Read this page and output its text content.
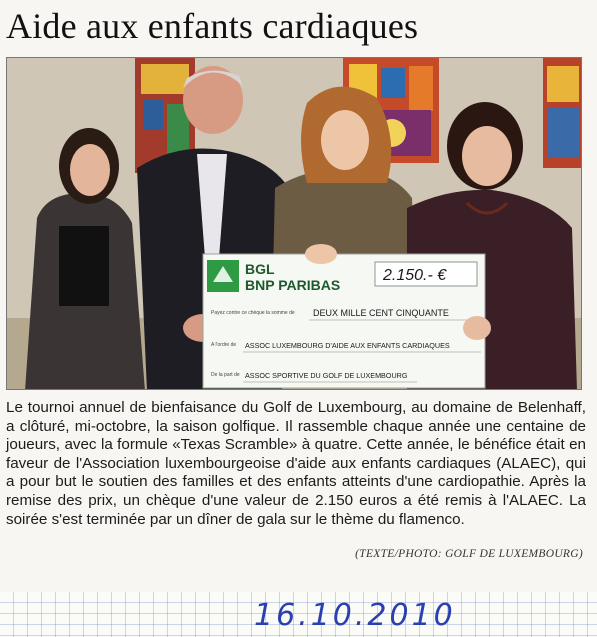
Aide aux enfants cardiaques
BGL
BNP PARIBAS
2.150.- €
Payez contre ce chèque la somme de DEUX MILLE CENT CINQUANTE
A l'ordre de ASSOC LUXEMBOURG D'AIDE AUX ENFANTS CARDIAQUES
De la part de ASSOC SPORTIVE DU GOLF DE LUXEMBOURG
Le tournoi annuel de bienfaisance du Golf de Luxembourg, au domaine de Belenhaff, a clôturé, mi-octobre, la saison golfique. Il rassemble chaque année une centaine de joueurs, avec la formule «Texas Scramble» à quatre. Cette année, le bénéfice était en faveur de l'Association luxembourgeoise d'aide aux enfants cardiaques (ALAEC), qui a pour but le soutien des familles et des enfants atteints d'une cardiopathie. Après la remise des prix, un chèque d'une valeur de 2.150 euros a été remis à l'ALAEC. La soirée s'est terminée par un dîner de gala sur le thème du flamenco.
(TEXTE/PHOTO: GOLF DE LUXEMBOURG)
16.10.2010
